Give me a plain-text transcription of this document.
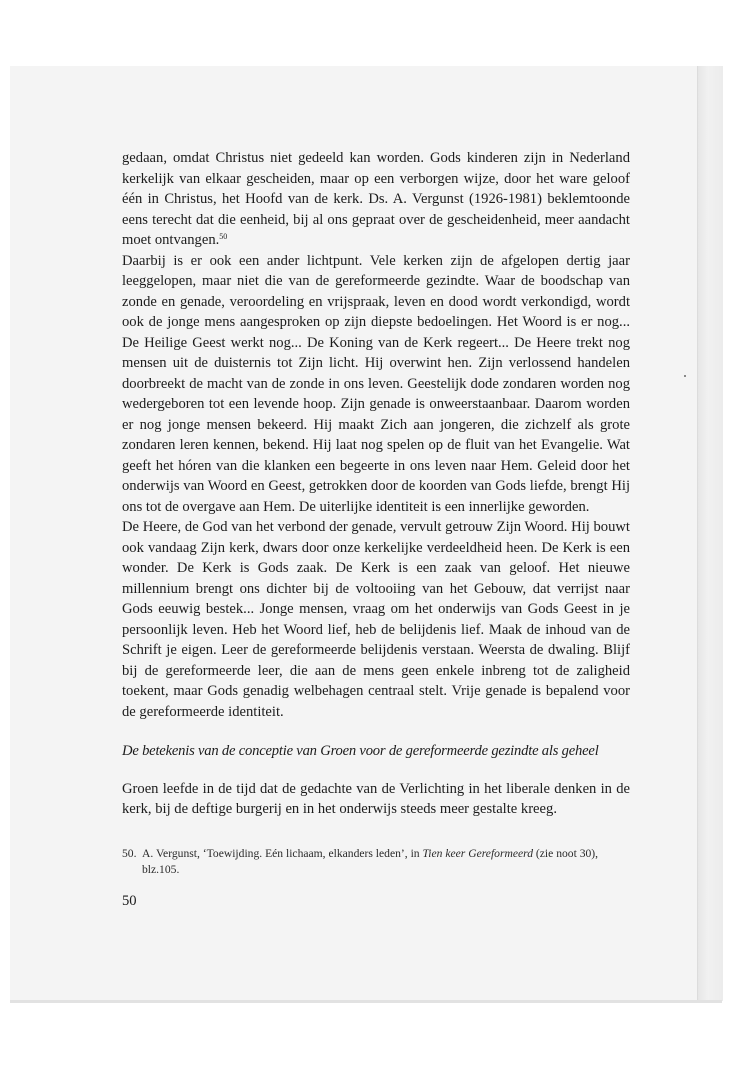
gedaan, omdat Christus niet gedeeld kan worden. Gods kinderen zijn in Nederland kerkelijk van elkaar gescheiden, maar op een verborgen wijze, door het ware geloof één in Christus, het Hoofd van de kerk. Ds. A. Vergunst (1926-1981) beklemtoonde eens terecht dat die eenheid, bij al ons gepraat over de gescheidenheid, meer aandacht moet ontvangen.$^{50}$

Daarbij is er ook een ander lichtpunt. Vele kerken zijn de afgelopen dertig jaar leeggelopen, maar niet die van de gereformeerde gezindte. Waar de boodschap van zonde en genade, veroordeling en vrijspraak, leven en dood wordt verkondigd, wordt ook de jonge mens aangesproken op zijn diepste bedoelingen. Het Woord is er nog... De Heilige Geest werkt nog... De Koning van de Kerk regeert... De Heere trekt nog mensen uit de duisternis tot Zijn licht. Hij overwint hen. Zijn verlossend handelen doorbreekt de macht van de zonde in ons leven. Geestelijk dode zondaren worden nog wedergeboren tot een levende hoop. Zijn genade is onweerstaanbaar. Daarom worden er nog jonge mensen bekeerd. Hij maakt Zich aan jongeren, die zichzelf als grote zondaren leren kennen, bekend. Hij laat nog spelen op de fluit van het Evangelie. Wat geeft het hóren van die klanken een begeerte in ons leven naar Hem. Geleid door het onderwijs van Woord en Geest, getrokken door de koorden van Gods liefde, brengt Hij ons tot de overgave aan Hem. De uiterlijke identiteit is een innerlijke geworden.

De Heere, de God van het verbond der genade, vervult getrouw Zijn Woord. Hij bouwt ook vandaag Zijn kerk, dwars door onze kerkelijke verdeeldheid heen. De Kerk is een wonder. De Kerk is Gods zaak. De Kerk is een zaak van geloof. Het nieuwe millennium brengt ons dichter bij de voltooiing van het Gebouw, dat verrijst naar Gods eeuwig bestek... Jonge mensen, vraag om het onderwijs van Gods Geest in je persoonlijk leven. Heb het Woord lief, heb de belijdenis lief. Maak de inhoud van de Schrift je eigen. Leer de gereformeerde belijdenis verstaan. Weersta de dwaling. Blijf bij de gereformeerde leer, die aan de mens geen enkele inbreng tot de zaligheid toekent, maar Gods genadig welbehagen centraal stelt. Vrije genade is bepalend voor de gereformeerde identiteit.

De betekenis van de conceptie van Groen voor de gereformeerde gezindte als geheel

Groen leefde in de tijd dat de gedachte van de Verlichting in het liberale denken in de kerk, bij de deftige burgerij en in het onderwijs steeds meer gestalte kreeg.

50. A. Vergunst, ‘Toewijding. Eén lichaam, elkanders leden’, in Tien keer Gereformeerd (zie noot 30),
blz.105.
50
